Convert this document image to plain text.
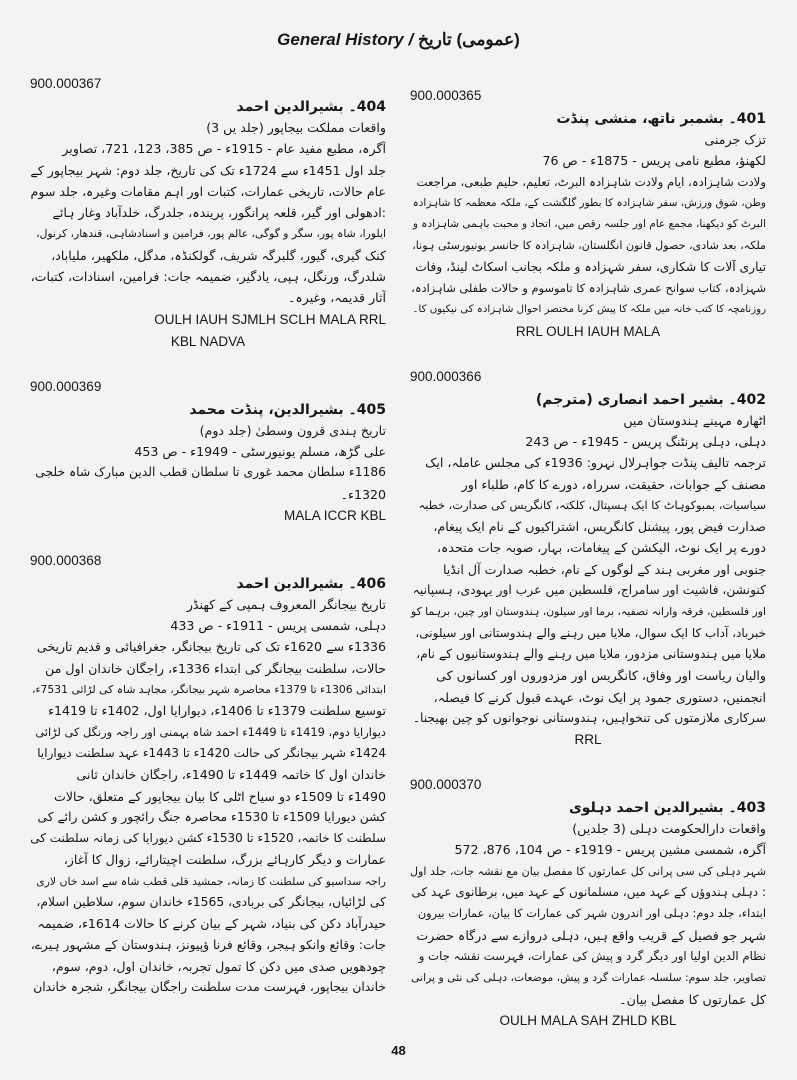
General History / (عمومی) تاریخ
900.000367
404۔ بشیرالدین احمد
واقعات مملکت بیجاپور (جلد یں 3)
آگرہ، مطبع مفید عام - 1915ء - ص 385، 123، 721، تصاویر
جلد اول 1451ء سے 1724ء تک کی تاریخ، جلد دوم: شہر بیجاپور کے
عام حالات، تاریخی عمارات، کتبات اور اہم مقامات وغیرہ، جلد سوم
:ادھولی اور گیر، قلعہ پرانگور، پریندہ، جلدرگ، خلدآباد وغار ہائے
ایلورا، شاہ پور، سگر و گوگی، عالم پور، فرامین و اسنادشاہی، قندھار، کرنول،
کنک گیری، گیور، گلبرگہ شریف، گولکنڈہ، مدگل، ملکھیر، ملیاباد،
شلدرگ، ورنگل، ہپی، یادگیر، ضمیمہ جات: فرامین، اسنادات، کتبات،
آثار قدیمہ، وغیرہ۔
OULH IAUH SJMLH SCLH MALA RRL
KBL NADVA
900.000369
405۔ بشیرالدین، پنڈت محمد
تاریخ ہندی قرون وسطیٰ (جلد دوم)
علی گڑھ، مسلم یونیورسٹی - 1949ء - ص 453
1186ء سلطان محمد غوری تا سلطان قطب الدین مبارک شاہ خلجی
1320ء۔
MALA ICCR KBL
900.000368
406۔ بشیرالدین احمد
تاریخ بیجانگر المعروف ہمپی کے کھنڈر
دہلی، شمسی پریس - 1911ء - ص 433
1336ء سے 1620ء تک کی تاریخ بیجانگر، جغرافیائی و قدیم تاریخی
حالات، سلطنت بیجانگر کی ابتداء 1336ء، راجگان خاندان اول من
ابتدائی 1306ء تا 1379ء محاصرہ شہر بیجانگر، مجاہد شاہ کی لڑائی 7531ء،
توسیع سلطنت 1379ء تا 1406ء، دیوارایا اول، 1402ء تا 1419ء
دیوارایا دوم، 1419ء تا 1449ء احمد شاہ بہمنی اور راجہ ورنگل کی لڑائی
1424ء شہر بیجانگر کی حالت 1420ء تا 1443ء عہد سلطنت دیوارایا
خاندان اول کا خاتمہ 1449ء تا 1490ء، راجگان خاندان ثانی
1490ء تا 1509ء دو سیاح اٹلی کا بیان بیجاپور کے متعلق، حالات
کشن دیورایا 1509ء تا 1530ء محاصرہ جنگ رائچور و کشن رائے کی
سلطنت کا خاتمہ، 1520ء تا 1530ء کشن دیورایا کی زمانہ سلطنت کی
عمارات و دیگر کارہائے بزرگ، سلطنت اچیتارائے، زوال کا آغاز،
راجہ سداسیو کی سلطنت کا زمانہ، جمشید قلی قطب شاہ سے اسد خاں لاری
کی لڑائیاں، بیجانگر کی بربادی، 1565ء خاندان سوم، سلاطین اسلام،
حیدرآباد دکن کی بنیاد، شہر کے بیان کرنے کا حالات 1614ء، ضمیمہ
جات: وقائع وانکو ہیجر، وقائع فرنا ؤپیونز، ہندوستان کے مشہور ہیرے،
چودھویں صدی میں دکن کا تمول تجربہ، خاندان اول، دوم، سوم،
خاندان بیجاپور، فہرست مدت سلطنت راجگان بیجانگر، شجرہ خاندان
900.000365
401۔ بشمبر ناتھ، منشی پنڈت
تزک جرمنی
لکھنؤ، مطبع نامی پریس - 1875ء - ص 76
ولادت شاہزادہ، ایام ولادت شاہزادہ البرٹ، تعلیم، حلیم طبعی، مراجعت
وطن، شوق ورزش، سفر شاہزادہ کا بطور گلگشت کے، ملکہ معظمہ کا شاہزادہ
البرٹ کو دیکھنا، مجمع عام اور جلسہ رقص میں، اتحاد و محبت باہمی شاہزادہ و
ملکہ، بعد شادی، حصول قانون انگلستان، شاہزادہ کا جانسر یونیورسٹی ہونا،
تیاری آلات کا شکاری، سفر شہزادہ و ملکہ بجانب اسکاٹ لینڈ، وفات
شہزادہ، کتاب سوانح عمری شاہزادہ کا تاموسوم و حالات طفلی شاہزادہ،
روزنامچہ کا کتب خانہ میں ملکہ کا پیش کرنا مختصر احوال شاہزادہ کی نیکیوں کا۔
RRL OULH IAUH MALA
900.000366
402۔ بشیر احمد انصاری (مترجم)
اٹھارہ مہینے ہندوستان میں
دہلی، دہلی پرنٹنگ پریس - 1945ء - ص 243
ترجمہ تالیف پنڈت جواہرلال نہرو: 1936ء کی مجلس عاملہ، ایک
مصنف کے جوابات، حقیقت، سرراہ، دورے کا کام، طلباء اور
سیاسیات، بمبوکوہاٹ کا ایک ہسپتال، کلکتہ، کانگریس کی صدارت، خطبہ
صدارت فیض پور، پیشنل کانگریس، اشتراکیوں کے نام ایک پیغام،
دورے پر ایک نوٹ، الیکشن کے پیغامات، بہار، صوبہ جات متحدہ،
جنوبی اور مغربی ہند کے لوگوں کے نام، خطبہ صدارت آل انڈیا
کنونشن، فاشیت اور سامراج، فلسطین میں عرب اور یہودی، ہسپانیہ
اور فلسطین، فرقہ وارانہ تصفیہ، برما اور سیلون، ہندوستان اور چین، برہما کو
خبرباد، آداب کا ایک سوال، ملایا میں رہنے والے ہندوستانی اور سیلونی،
ملایا میں ہندوستانی مزدور، ملایا میں رہنے والے ہندوستانیوں کے نام،
والیان ریاست اور وفاق، کانگریس اور مزدوروں اور کسانوں کی
انجمنیں، دستوری جمود پر ایک نوٹ، عہدے قبول کرنے کا فیصلہ،
سرکاری ملازمتوں کی تنخواہیں، ہندوستانی نوجوانوں کو چین بھیجنا۔
RRL
900.000370
403۔ بشیرالدین احمد دہلوی
واقعات دارالحکومت دہلی (3 جلدیں)
آگرہ، شمسی مشین پریس - 1919ء - ص 104، 876، 572
شہر دہلی کی سی پرانی کل عمارتوں کا مفصل بیان مع نقشہ جات، جلد اول
: دہلی ہندوؤں کے عہد میں، مسلمانوں کے عہد میں، برطانوی عہد کی
ابتداء، جلد دوم: دہلی اور اندرون شہر کی عمارات کا بیان، عمارات بیرون
شہر جو فصیل کے قریب واقع ہیں، دہلی دروازے سے درگاہ حضرت
نظام الدین اولیا اور دیگر گرد و پیش کی عمارات، فہرست نقشہ جات و
تصاویر، جلد سوم: سلسلہ عمارات گرد و پیش، موضعات، دہلی کی نئی و پرانی
کل عمارتوں کا مفصل بیان۔
OULH MALA SAH ZHLD KBL
48
